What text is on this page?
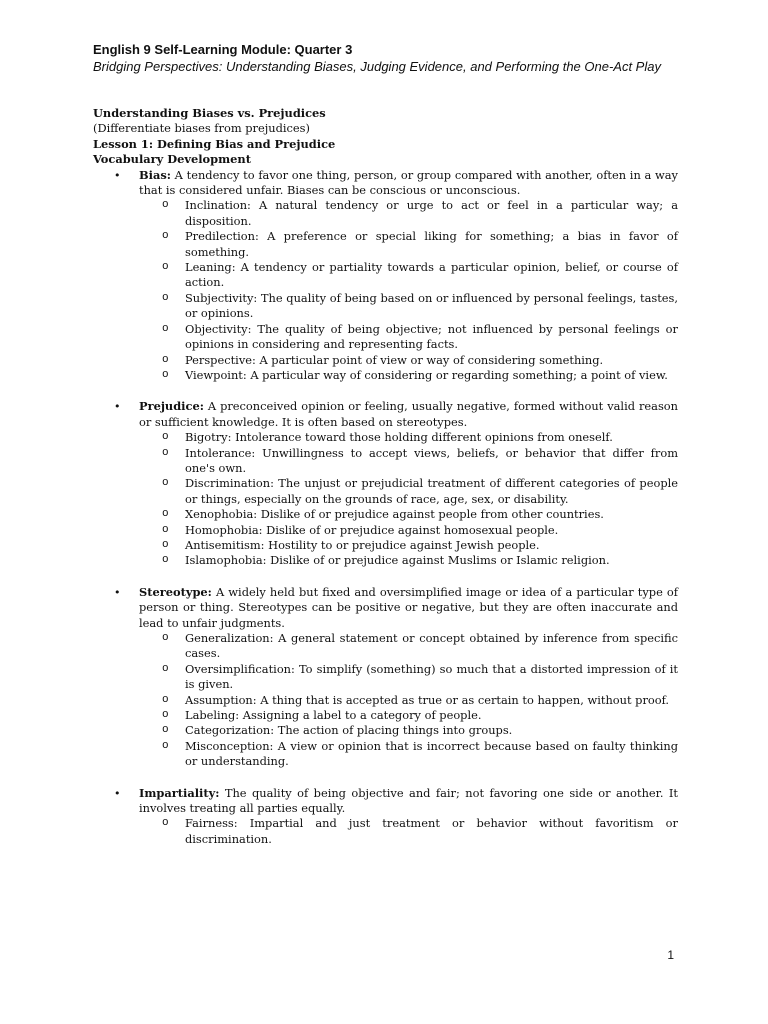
English 9 Self-Learning Module: Quarter 3

Bridging Perspectives: Understanding Biases, Judging Evidence, and Performing the One-Act Play

Understanding Biases vs. Prejudices

(Differentiate biases from prejudices)

Lesson 1: Defining Bias and Prejudice

Vocabulary Development

• Bias: A tendency to favor one thing, person, or group compared with another, often in a way that is considered unfair. Biases can be conscious or unconscious.

o Inclination: A natural tendency or urge to act or feel in a particular way; a disposition.
o Predilection: A preference or special liking for something; a bias in favor of something.
o Leaning: A tendency or partiality towards a particular opinion, belief, or course of action.
o Subjectivity: The quality of being based on or influenced by personal feelings, tastes, or opinions.
o Objectivity: The quality of being objective; not influenced by personal feelings or opinions in considering and representing facts.
o Perspective: A particular point of view or way of considering something.
o Viewpoint: A particular way of considering or regarding something; a point of view.
• Prejudice: A preconceived opinion or feeling, usually negative, formed without valid reason or sufficient knowledge. It is often based on stereotypes.

o Bigotry: Intolerance toward those holding different opinions from oneself.
o Intolerance: Unwillingness to accept views, beliefs, or behavior that differ from one's own.
o Discrimination: The unjust or prejudicial treatment of different categories of people or things, especially on the grounds of race, age, sex, or disability.
o Xenophobia: Dislike of or prejudice against people from other countries.
o Homophobia: Dislike of or prejudice against homosexual people.
o Antisemitism: Hostility to or prejudice against Jewish people.
o Islamophobia: Dislike of or prejudice against Muslims or Islamic religion.
• Stereotype: A widely held but fixed and oversimplified image or idea of a particular type of person or thing. Stereotypes can be positive or negative, but they are often inaccurate and lead to unfair judgments.

o Generalization: A general statement or concept obtained by inference from specific cases.
o Oversimplification: To simplify (something) so much that a distorted impression of it is given.
o Assumption: A thing that is accepted as true or as certain to happen, without proof.
o Labeling: Assigning a label to a category of people.
o Categorization: The action of placing things into groups.
o Misconception: A view or opinion that is incorrect because based on faulty thinking or understanding.
• Impartiality: The quality of being objective and fair; not favoring one side or another. It involves treating all parties equally.

o Fairness: Impartial and just treatment or behavior without favoritism or discrimination.

1
